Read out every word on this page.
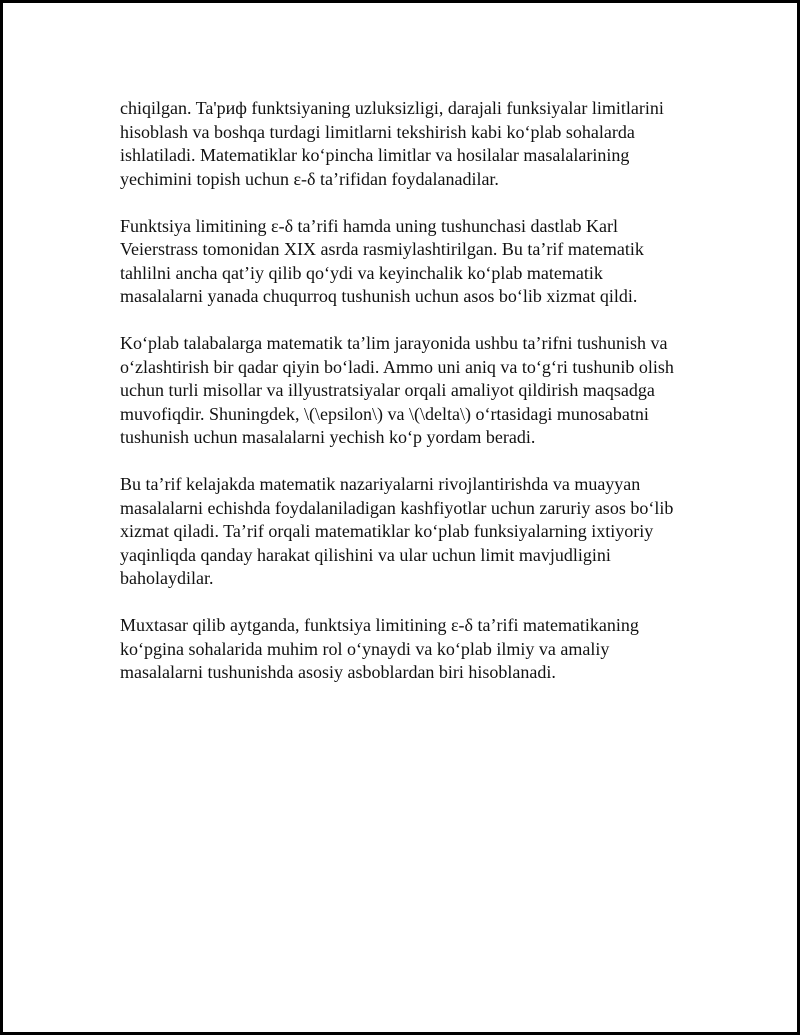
chiqilgan. Ta'риф funktsiyaning uzluksizligi, darajali funksiyalar limitlarini hisoblash va boshqa turdagi limitlarni tekshirish kabi ko‘plab sohalarda ishlatiladi. Matematiklar ko‘pincha limitlar va hosilalar masalalarining yechimini topish uchun ε-δ ta’rifidan foydalanadilar.

Funktsiya limitining ε-δ ta’rifi hamda uning tushunchasi dastlab Karl Veierstrass tomonidan XIX asrda rasmiylashtirilgan. Bu ta’rif matematik tahlilni ancha qat’iy qilib qo‘ydi va keyinchalik ko‘plab matematik masalalarni yanada chuqurroq tushunish uchun asos bo‘lib xizmat qildi.

Ko‘plab talabalarga matematik ta’lim jarayonida ushbu ta’rifni tushunish va o‘zlashtirish bir qadar qiyin bo‘ladi. Ammo uni aniq va to‘g‘ri tushunib olish uchun turli misollar va illyustratsiyalar orqali amaliyot qildirish maqsadga muvofiqdir. Shuningdek, \(\epsilon\) va \(\delta\) o‘rtasidagi munosabatni tushunish uchun masalalarni yechish ko‘p yordam beradi.

Bu ta’rif kelajakda matematik nazariyalarni rivojlantirishda va muayyan masalalarni echishda foydalaniladigan kashfiyotlar uchun zaruriy asos bo‘lib xizmat qiladi. Ta’rif orqali matematiklar ko‘plab funksiyalarning ixtiyoriy yaqinliqda qanday harakat qilishini va ular uchun limit mavjudligini baholaydilar.

Muxtasar qilib aytganda, funktsiya limitining ε-δ ta’rifi matematikaning ko‘pgina sohalarida muhim rol o‘ynaydi va ko‘plab ilmiy va amaliy masalalarni tushunishda asosiy asboblardan biri hisoblanadi.
